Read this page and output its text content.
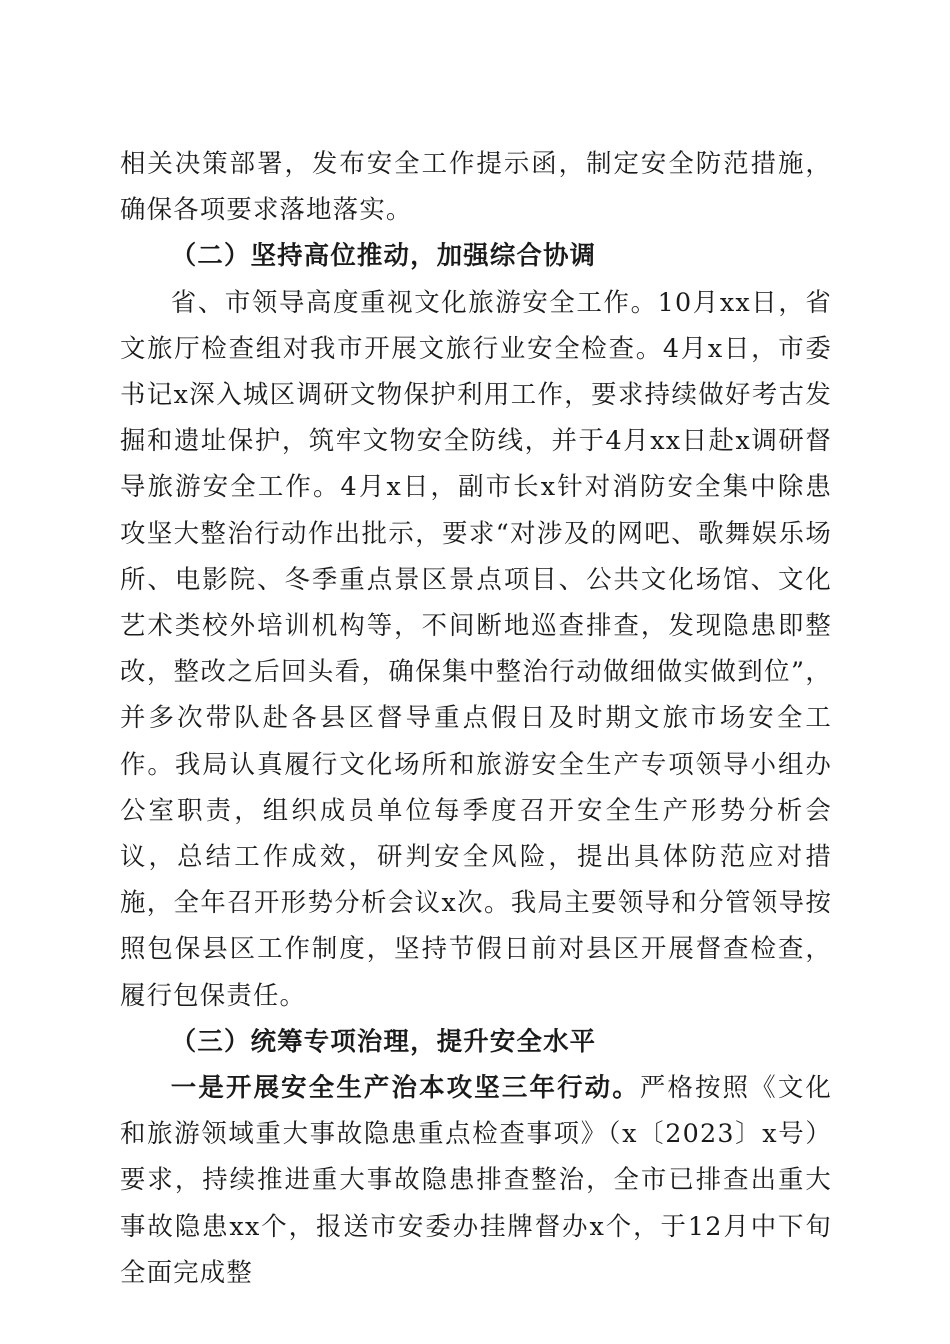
相关决策部署，发布安全工作提示函，制定安全防范措施，确保各项要求落地落实。

（二）坚持高位推动，加强综合协调

省、市领导高度重视文化旅游安全工作。10月xx日，省文旅厅检查组对我市开展文旅行业安全检查。4月x日，市委书记x深入城区调研文物保护利用工作，要求持续做好考古发掘和遗址保护，筑牢文物安全防线，并于4月xx日赴x调研督导旅游安全工作。4月x日，副市长x针对消防安全集中除患攻坚大整治行动作出批示，要求“对涉及的网吧、歌舞娱乐场所、电影院、冬季重点景区景点项目、公共文化场馆、文化艺术类校外培训机构等，不间断地巡查排查，发现隐患即整改，整改之后回头看，确保集中整治行动做细做实做到位”，并多次带队赴各县区督导重点假日及时期文旅市场安全工作。我局认真履行文化场所和旅游安全生产专项领导小组办公室职责，组织成员单位每季度召开安全生产形势分析会议，总结工作成效，研判安全风险，提出具体防范应对措施，全年召开形势分析会议x次。我局主要领导和分管领导按照包保县区工作制度，坚持节假日前对县区开展督查检查，履行包保责任。

（三）统筹专项治理，提升安全水平

一是开展安全生产治本攻坚三年行动。严格按照《文化和旅游领域重大事故隐患重点检查事项》（x〔2023〕x号）要求，持续推进重大事故隐患排查整治，全市已排查出重大事故隐患xx个，报送市安委办挂牌督办x个，于12月中下旬全面完成整
